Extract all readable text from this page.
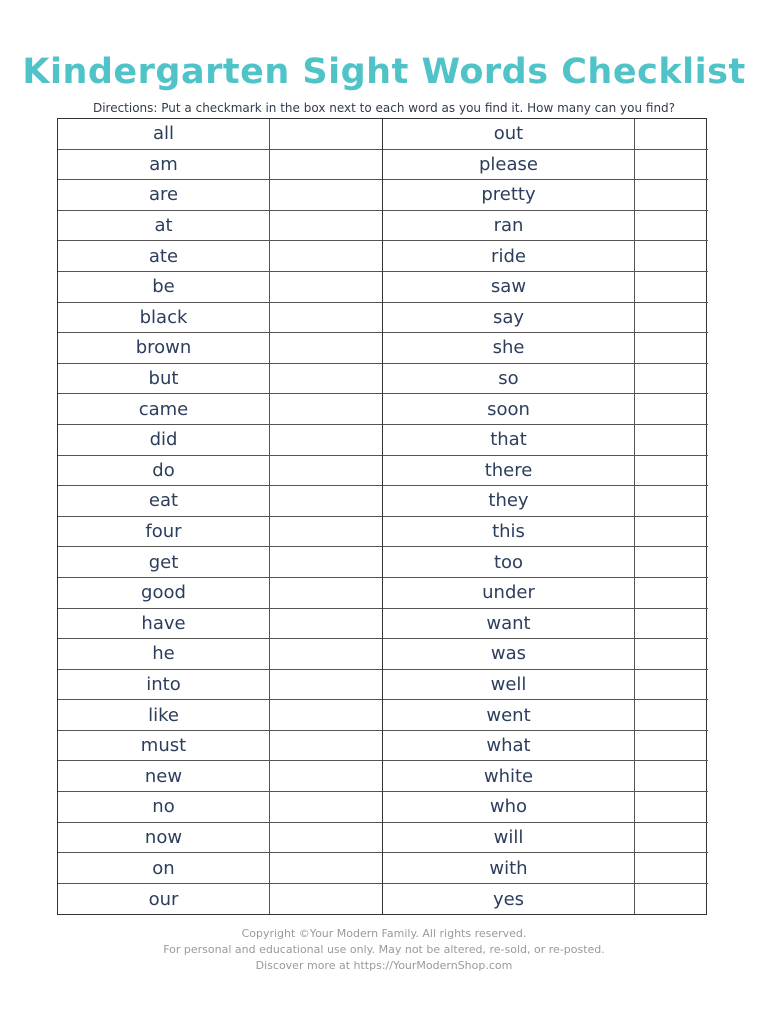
Kindergarten Sight Words Checklist
Directions: Put a checkmark in the box next to each word as you find it. How many can you find?
all
am
are
at
ate
be
black
brown
but
came
did
do
eat
four
get
good
have
he
into
like
must
new
no
now
on
our
out
please
pretty
ran
ride
saw
say
she
so
soon
that
there
they
this
too
under
want
was
well
went
what
white
who
will
with
yes
Copyright ©Your Modern Family. All rights reserved.
For personal and educational use only. May not be altered, re-sold, or re-posted.
Discover more at https://YourModernShop.com
